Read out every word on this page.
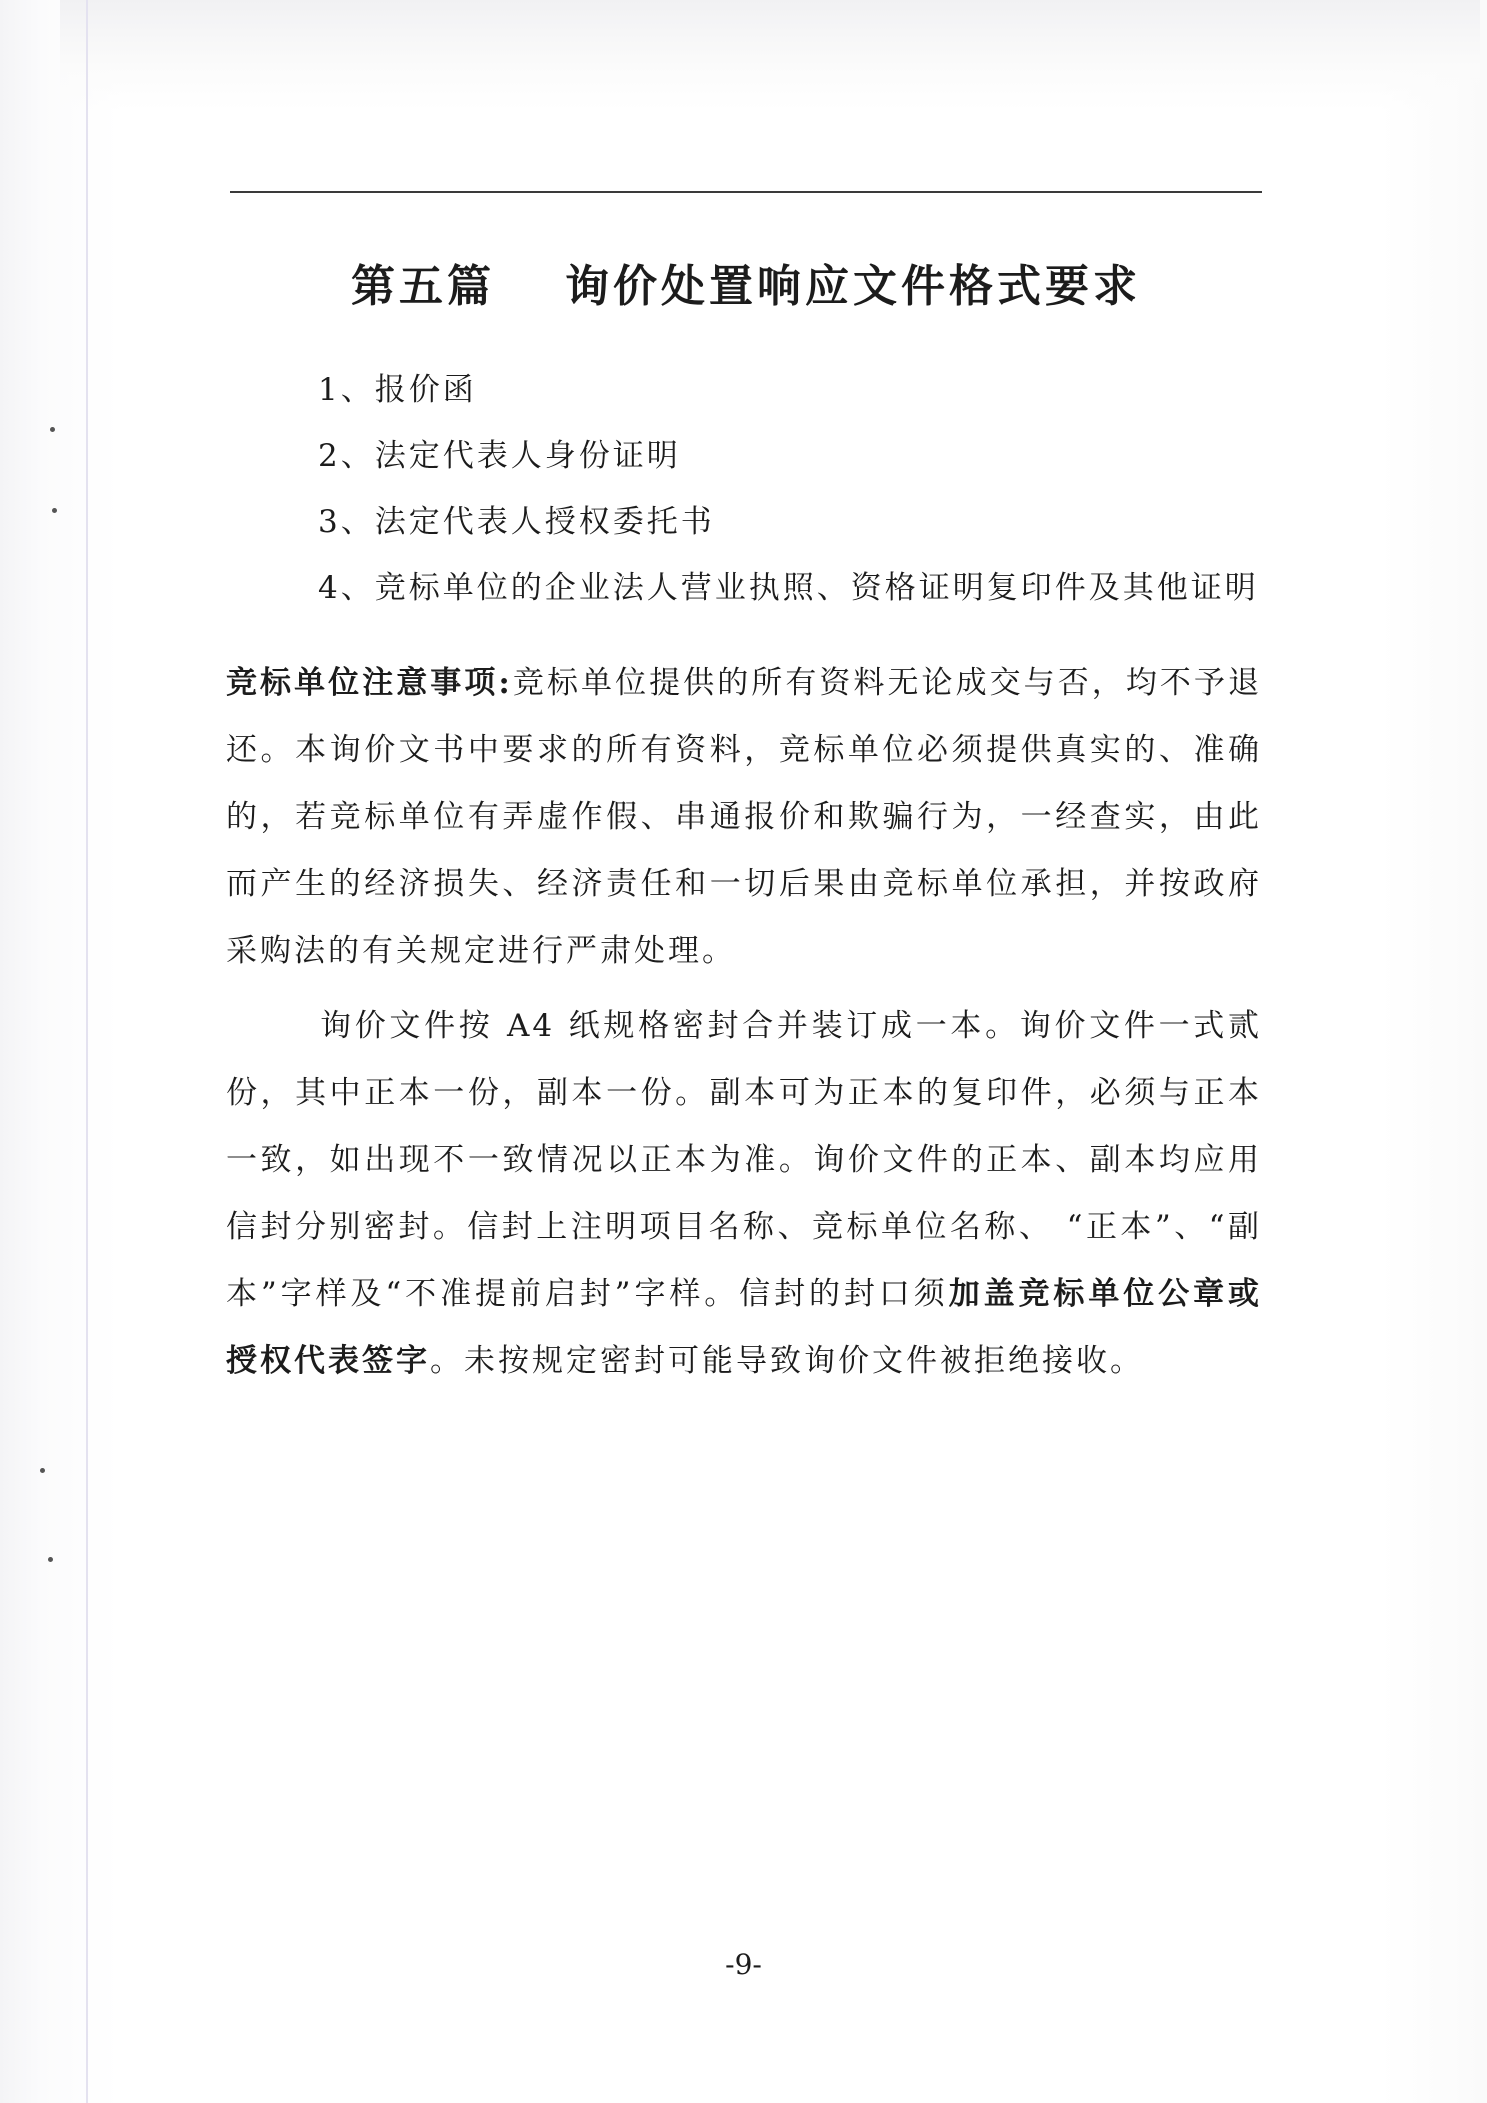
第五篇 询价处置响应文件格式要求
1、报价函
2、法定代表人身份证明
3、法定代表人授权委托书
4、竞标单位的企业法人营业执照、资格证明复印件及其他证明
竞标单位注意事项:竞标单位提供的所有资料无论成交与否，均不予退还。本询价文书中要求的所有资料，竞标单位必须提供真实的、准确的，若竞标单位有弄虚作假、串通报价和欺骗行为，一经查实，由此而产生的经济损失、经济责任和一切后果由竞标单位承担，并按政府采购法的有关规定进行严肃处理。
询价文件按 A4 纸规格密封合并装订成一本。询价文件一式贰份，其中正本一份，副本一份。副本可为正本的复印件，必须与正本一致，如出现不一致情况以正本为准。询价文件的正本、副本均应用信封分别密封。信封上注明项目名称、竞标单位名称、 “正本”、“副本”字样及“不准提前启封”字样。信封的封口须加盖竞标单位公章或授权代表签字。未按规定密封可能导致询价文件被拒绝接收。
-9-
